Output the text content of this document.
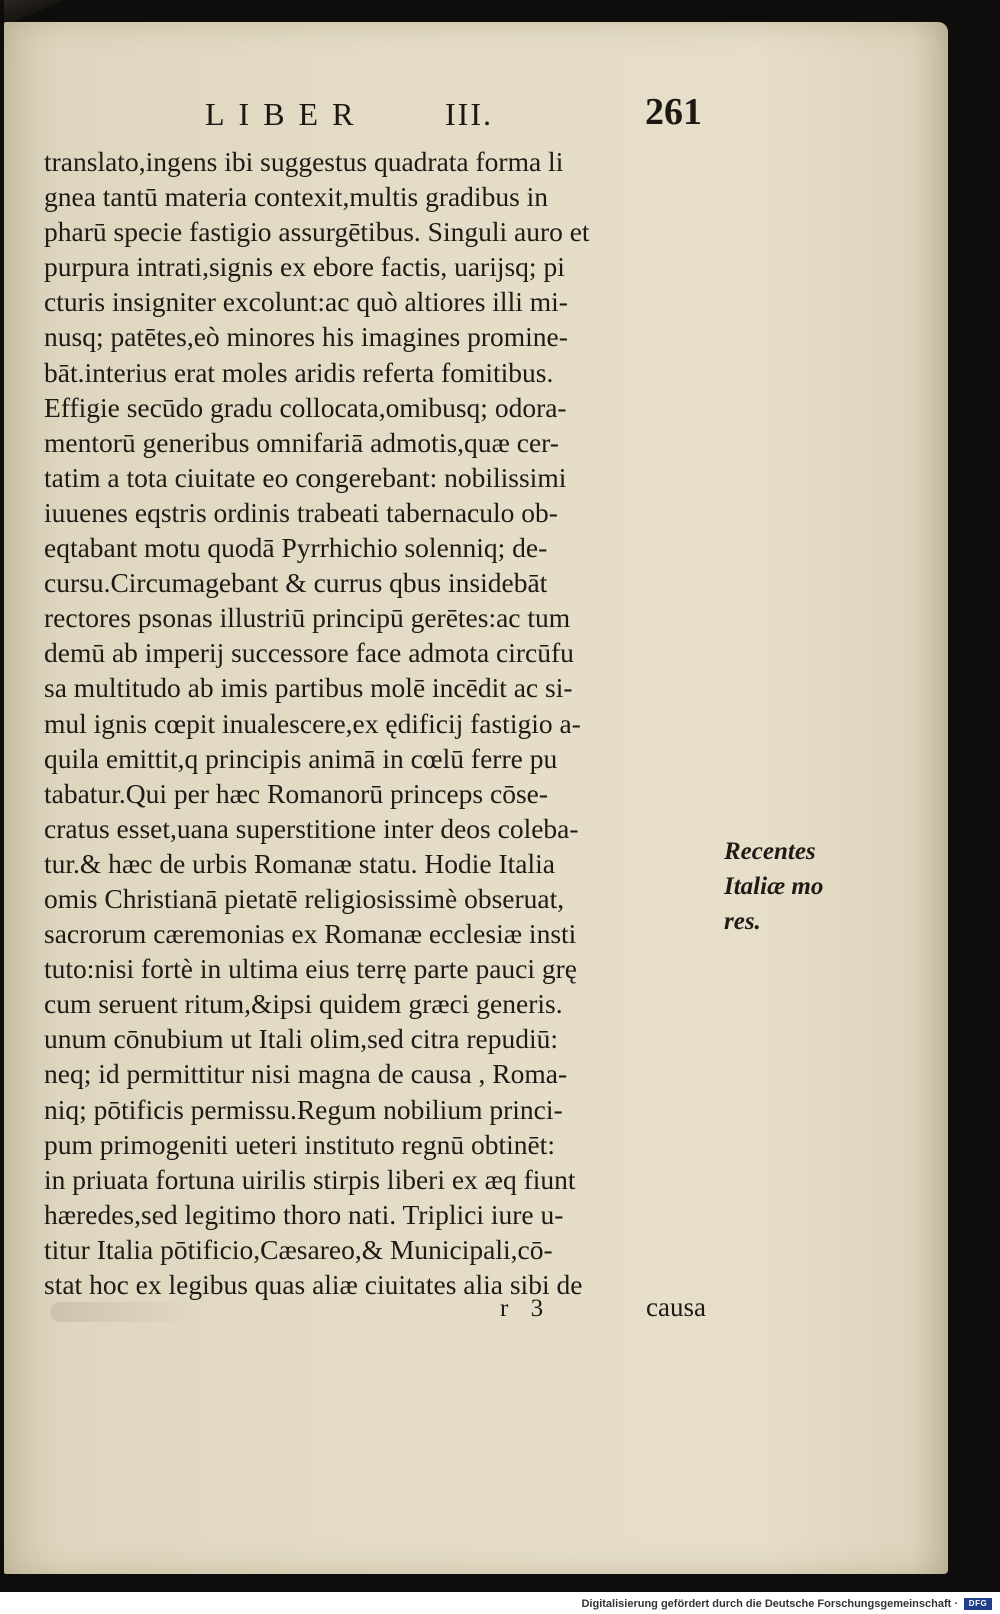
LIBER III.	261
translato,ingens ibi suggestus quadrata forma li
gnea tantū materia contexit,multis gradibus in
pharū specie fastigio assurgētibus. Singuli auro et
purpura intrati,signis ex ebore factis, uarijsq; pi
cturis insigniter excolunt:ac quò altiores illi mi-
nusq; patētes,eò minores his imagines promine-
bāt.interius erat moles aridis referta fomitibus.
Effigie secūdo gradu collocata,omibusq; odora-
mentorū generibus omnifariā admotis,quæ cer-
tatim a tota ciuitate eo congerebant: nobilissimi
iuuenes eqstris ordinis trabeati tabernaculo ob-
eqtabant motu quodā Pyrrhichio solenniq; de-
cursu.Circumagebant & currus qbus insidebāt
rectores psonas illustriū principū gerētes:ac tum
demū ab imperij successore face admota circūfu
sa multitudo ab imis partibus molē incēdit ac si-
mul ignis cœpit inualescere,ex ędificij fastigio a-
quila emittit,q principis animā in cœlū ferre pu
tabatur.Qui per hæc Romanorū princeps cōse-
cratus esset,uana superstitione inter deos coleba-
tur.& hæc de urbis Romanæ statu. Hodie Italia
omis Christianā pietatē religiosissimè obseruat,
sacrorum cæremonias ex Romanæ ecclesiæ insti
tuto:nisi fortè in ultima eius terrę parte pauci grę
cum seruent ritum,&ipsi quidem græci generis.
unum cōnubium ut Itali olim,sed citra repudiū:
neq; id permittitur nisi magna de causa , Roma-
niq; pōtificis permissu.Regum nobilium princi-
pum primogeniti ueteri instituto regnū obtinēt:
in priuata fortuna uirilis stirpis liberi ex æq fiunt
hæredes,sed legitimo thoro nati. Triplici iure u-
titur Italia pōtificio,Cæsareo,& Municipali,cō-
stat hoc ex legibus quas aliæ ciuitates alia sibi de
Recentes
Italiæ mo
res.
r 3	causa
Digitalisierung gefördert durch die Deutsche Forschungsgemeinschaft ·	DFG
